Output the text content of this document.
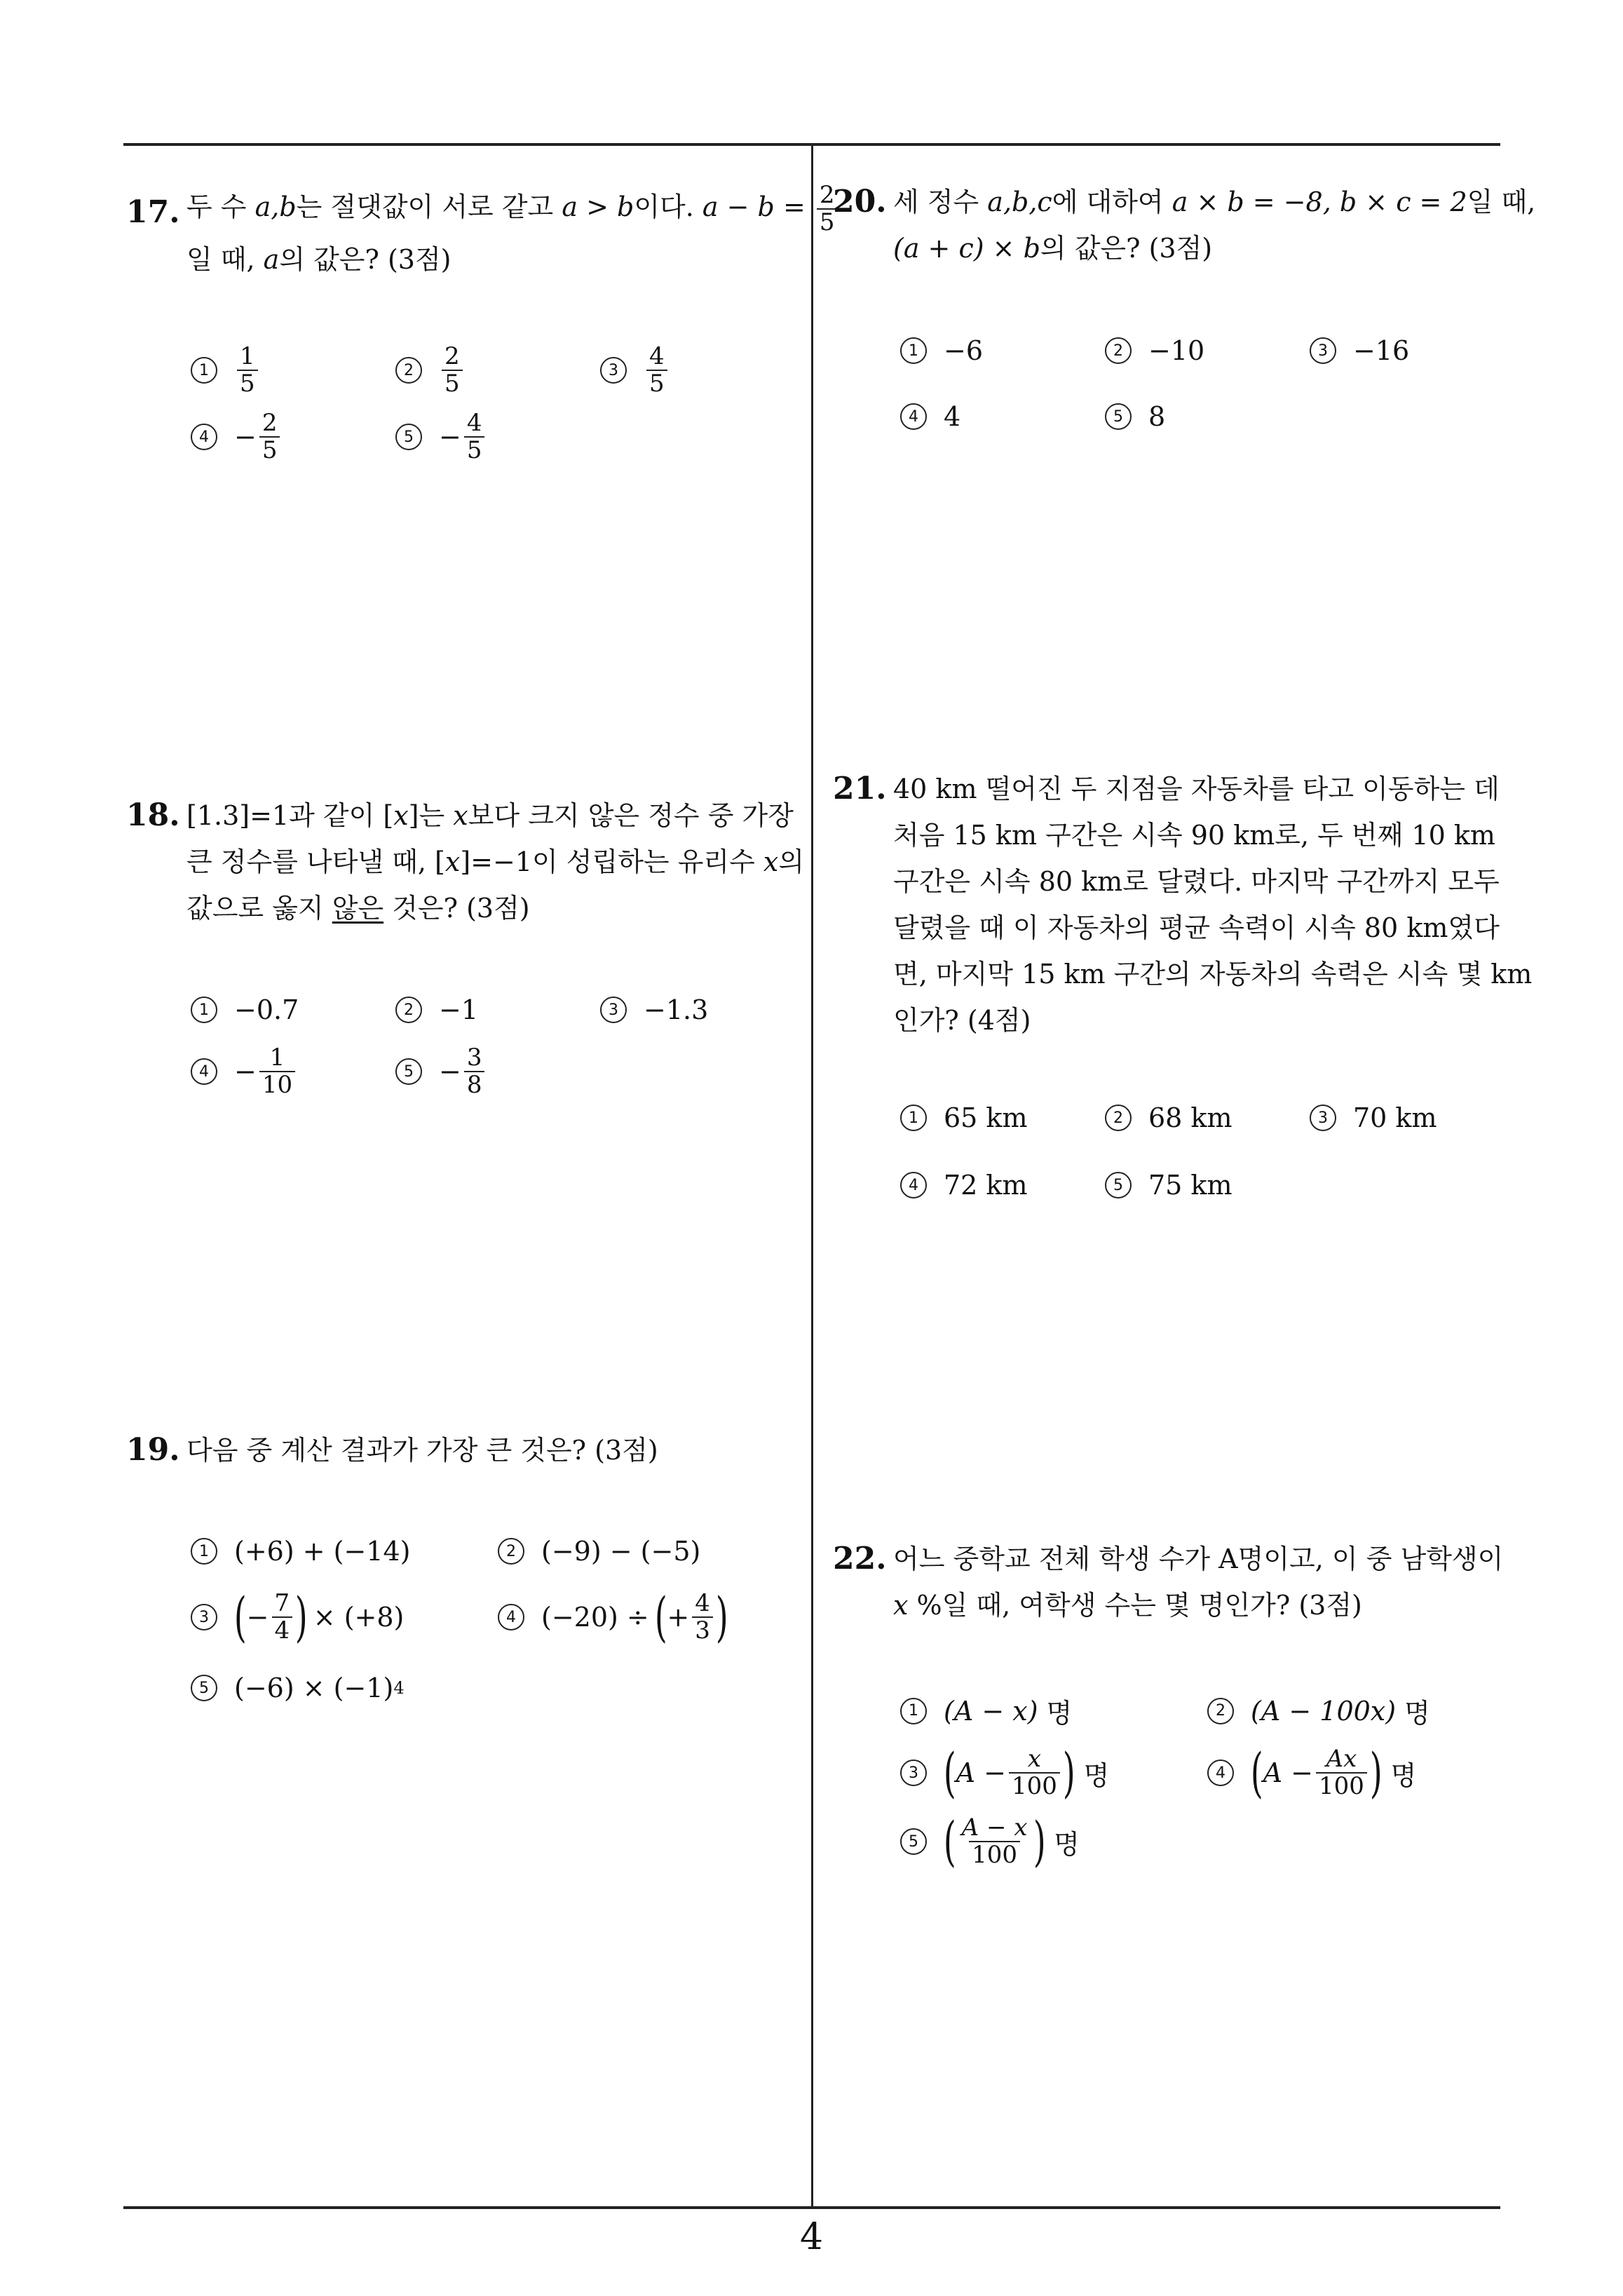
17. 두 수 a,b는 절댓값이 서로 같고 a > b이다. $a - b = \frac{2}{5}$
일 때, a의 값은? (3점)
1	$\frac{1}{5}$	2	$\frac{2}{5}$	3	$\frac{4}{5}$
$4 - \frac{2}{5}$	$5 - \frac{4}{5}$
18. [1.3]=1과 같이 [x]는 x보다 크지 않은 정수 중 가장
큰 정수를 나타낼 때, [x]=−1이 성립하는 유리수 x의
값으로 옳지 않은 것은? (3점)
1 −0.7	2 −1	3 −1.3
$4 - \frac{1}{10}$	$5 - \frac{3}{8}$
19. 다음 중 계산 결과가 가장 큰 것은? (3점)
1 (+6) + (−14)	2 (−9) − (−5)
3 ( − $\frac{7}{4}$ ) × (+8)	4 (−20) ÷ ( + $\frac{4}{3}$ )
5 (−6) × (−1) 4
20. 세 정수 a,b,c에 대하여 a × b = −8, b × c = 2일 때,
(a + c) × b의 값은? (3점)
1 −6	2 −10	3 −16
4 4	5 8
21. 40 km 떨어진 두 지점을 자동차를 타고 이동하는 데
처음 15 km 구간은 시속 90 km로, 두 번째 10 km
구간은 시속 80 km로 달렸다. 마지막 구간까지 모두
달렸을 때 이 자동차의 평균 속력이 시속 80 km였다
면, 마지막 15 km 구간의 자동차의 속력은 시속 몇 km
인가? (4점)
1 65 km	2 68 km	3 70 km
4 72 km	5 75 km
22. 어느 중학교 전체 학생 수가 A명이고, 이 중 남학생이
x %일 때, 여학생 수는 몇 명인가? (3점)
1 (A − x) 명	2 (A − 100x) 명
3 ( $A - \frac{x}{100}$ ) 명	4 ( $A - \frac{Ax}{100}$ ) 명
5 ( $\frac{A - x}{100}$ ) 명
4
